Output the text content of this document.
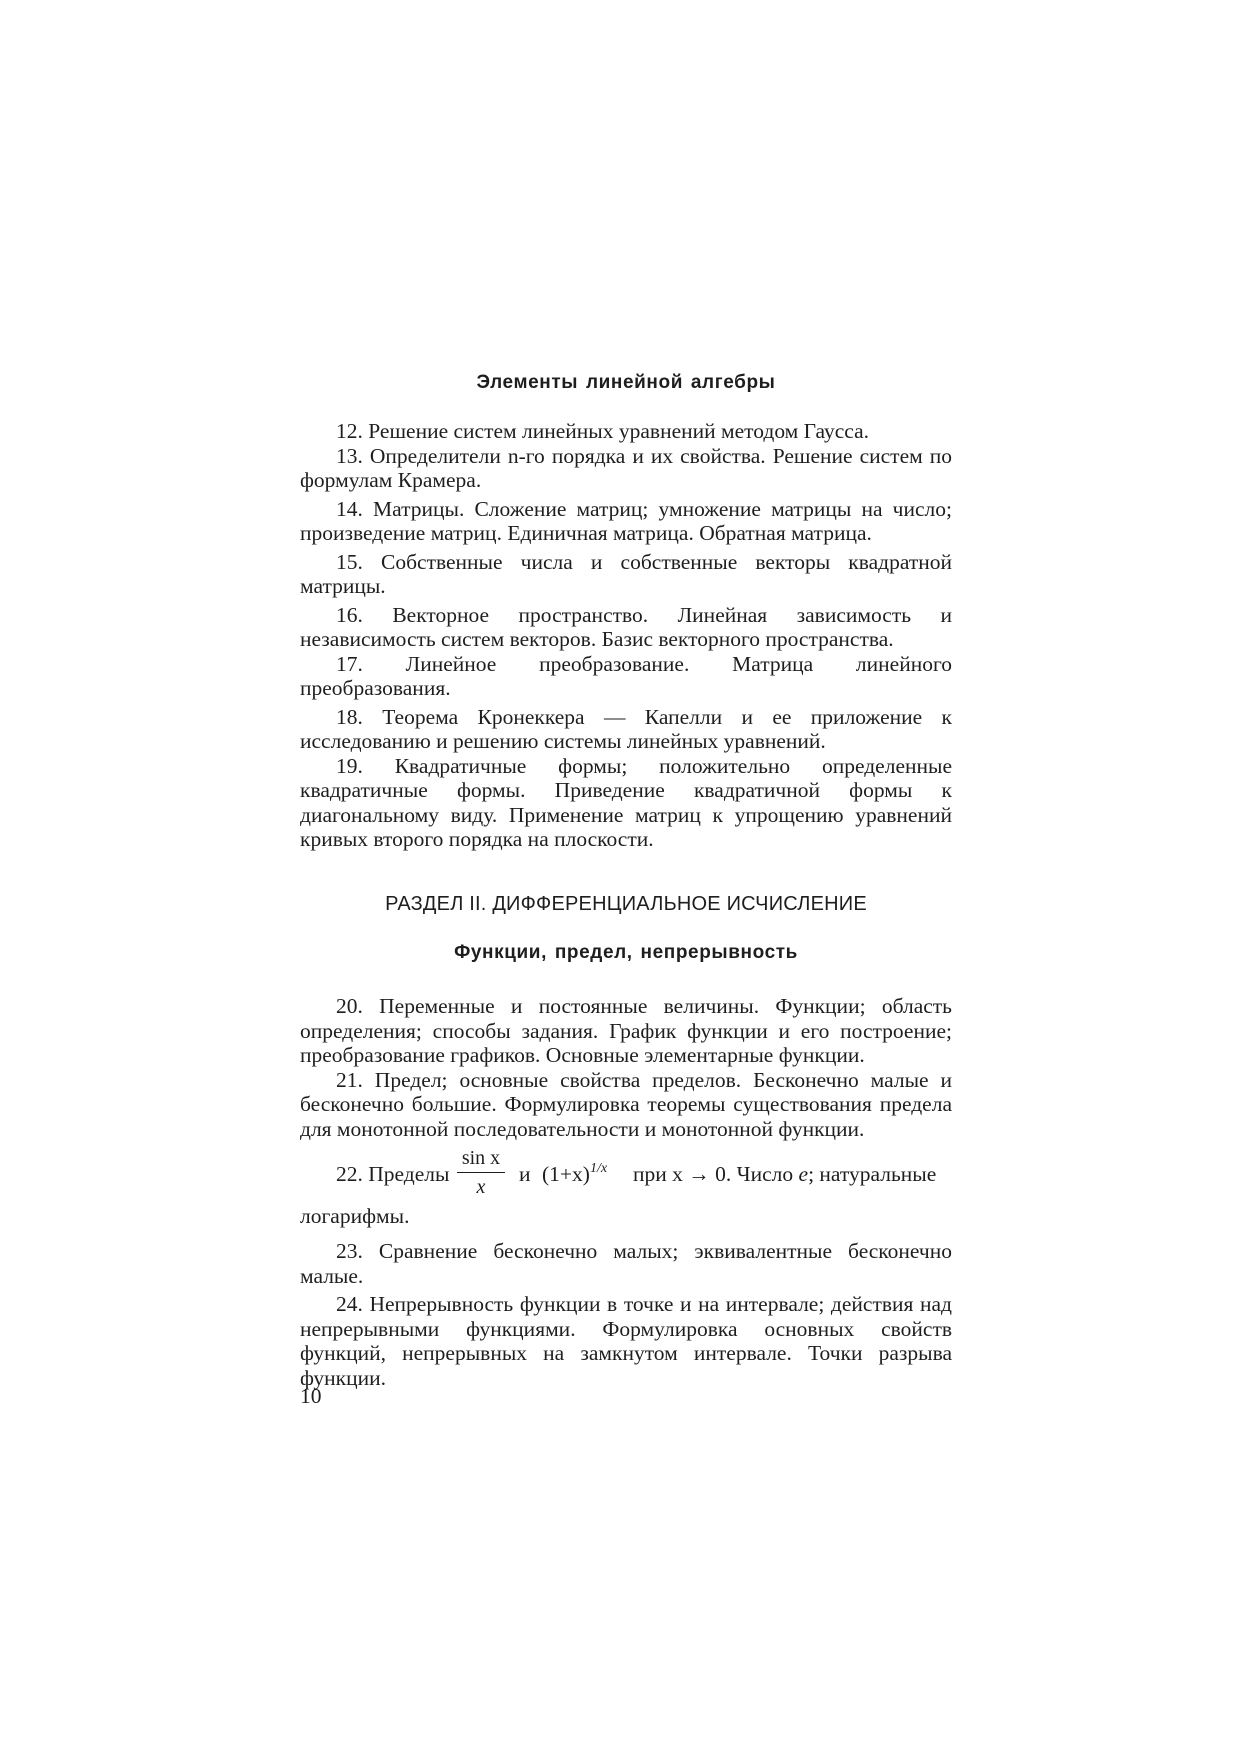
Элементы линейной алгебры

12. Решение систем линейных уравнений методом Гаусса.

13. Определители n-го порядка и их свойства. Решение систем по формулам Крамера.

14. Матрицы. Сложение матриц; умножение матрицы на число; произведение матриц. Единичная матрица. Обратная матрица.

15. Собственные числа и собственные векторы квадратной матрицы.

16. Векторное пространство. Линейная зависимость и независимость систем векторов. Базис векторного пространства.

17. Линейное преобразование. Матрица линейного преобразования.

18. Теорема Кронеккера — Капелли и ее приложение к исследованию и решению системы линейных уравнений.

19. Квадратичные формы; положительно определенные квадратичные формы. Приведение квадратичной формы к диагональному виду. Применение матриц к упрощению уравнений кривых второго порядка на плоскости.

РАЗДЕЛ II. ДИФФЕРЕНЦИАЛЬНОЕ ИСЧИСЛЕНИЕ
Функции, предел, непрерывность

20. Переменные и постоянные величины. Функции; область определения; способы задания. График функции и его построение; преобразование графиков. Основные элементарные функции.

21. Предел; основные свойства пределов. Бесконечно малые и бесконечно большие. Формулировка теоремы существования предела для монотонной последовательности и монотонной функции.

22. Пределы $\frac{\text{sin x}}{x}$ и $(1+x)^{1/x}$ при x → 0. Число e; натуральные
логарифмы.

23. Сравнение бесконечно малых; эквивалентные бесконечно малые.

24. Непрерывность функции в точке и на интервале; действия над непрерывными функциями. Формулировка основных свойств функций, непрерывных на замкнутом интервале. Точки разрыва функции.

10
